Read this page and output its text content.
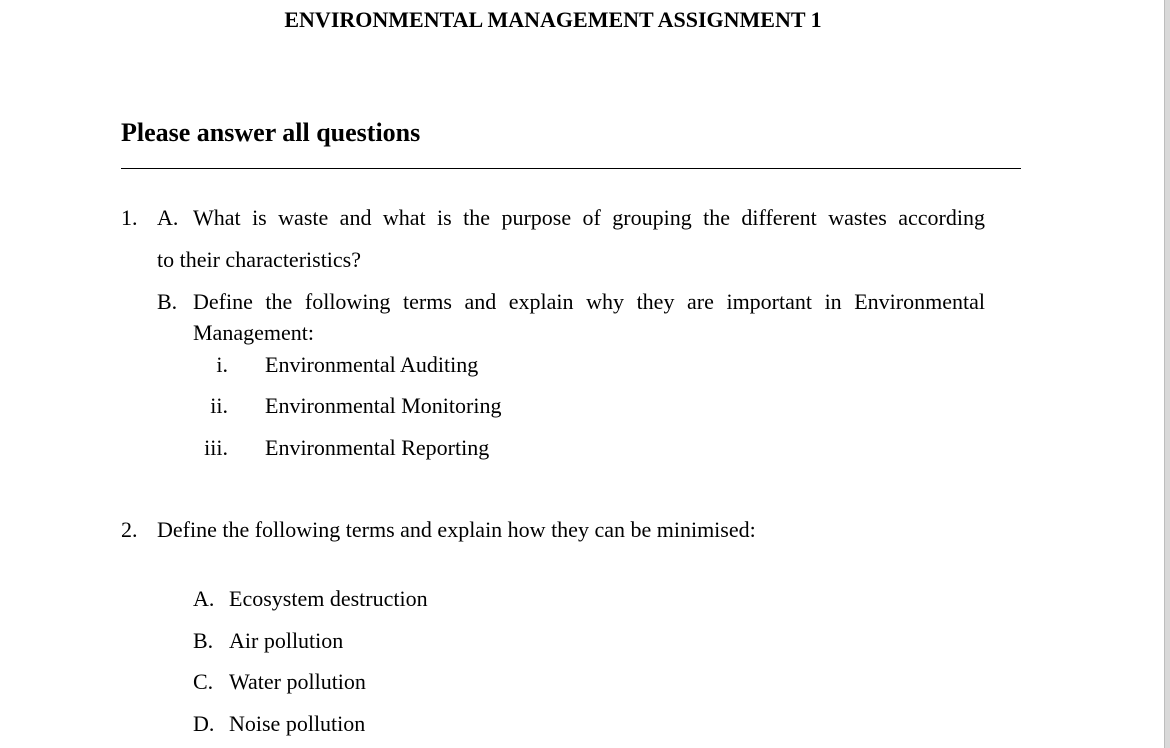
ENVIRONMENTAL MANAGEMENT ASSIGNMENT 1
Please answer all questions
1. A. What is waste and what is the purpose of grouping the different wastes according
to their characteristics?
B. Define the following terms and explain why they are important in Environmental
Management:
i. Environmental Auditing
ii. Environmental Monitoring
iii. Environmental Reporting
2. Define the following terms and explain how they can be minimised:
A. Ecosystem destruction
B. Air pollution
C. Water pollution
D. Noise pollution
